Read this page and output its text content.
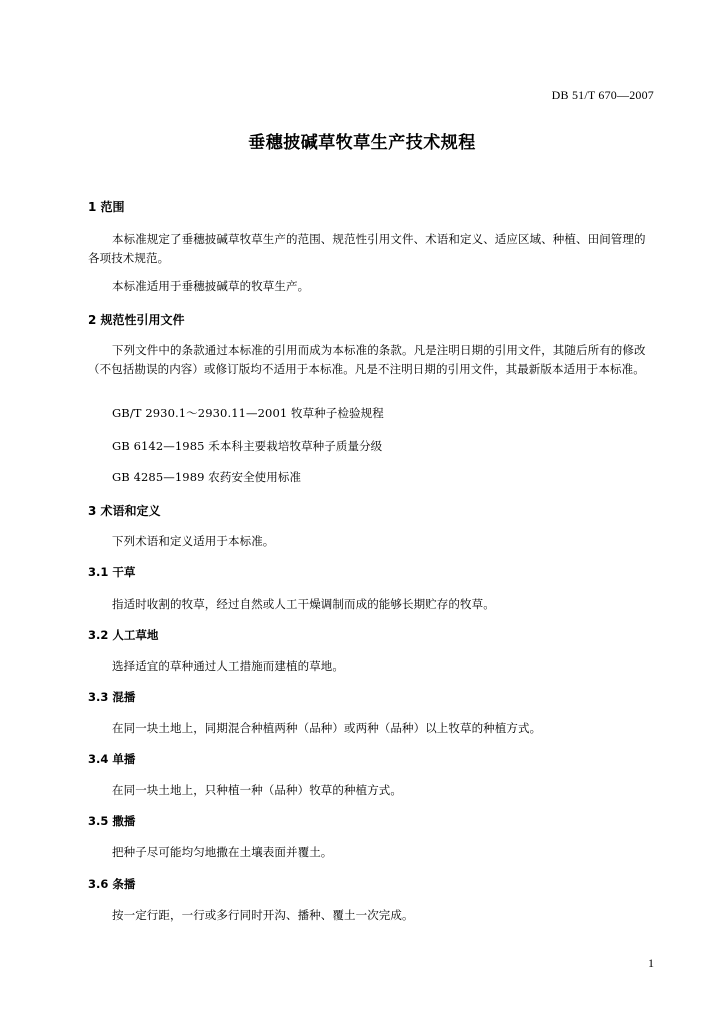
DB 51/T 670—2007
垂穗披碱草牧草生产技术规程
1 范围
本标准规定了垂穗披碱草牧草生产的范围、规范性引用文件、术语和定义、适应区域、种植、田间管理的各项技术规范。
本标准适用于垂穗披碱草的牧草生产。
2 规范性引用文件
下列文件中的条款通过本标准的引用而成为本标准的条款。凡是注明日期的引用文件，其随后所有的修改（不包括勘误的内容）或修订版均不适用于本标准。凡是不注明日期的引用文件，其最新版本适用于本标准。
GB/T 2930.1～2930.11—2001 牧草种子检验规程
GB 6142—1985 禾本科主要栽培牧草种子质量分级
GB 4285—1989 农药安全使用标准
3 术语和定义
下列术语和定义适用于本标准。
3.1 干草
指适时收割的牧草，经过自然或人工干燥调制而成的能够长期贮存的牧草。
3.2 人工草地
选择适宜的草种通过人工措施而建植的草地。
3.3 混播
在同一块土地上，同期混合种植两种（品种）或两种（品种）以上牧草的种植方式。
3.4 单播
在同一块土地上，只种植一种（品种）牧草的种植方式。
3.5 撒播
把种子尽可能均匀地撒在土壤表面并覆土。
3.6 条播
按一定行距，一行或多行同时开沟、播种、覆土一次完成。
1
